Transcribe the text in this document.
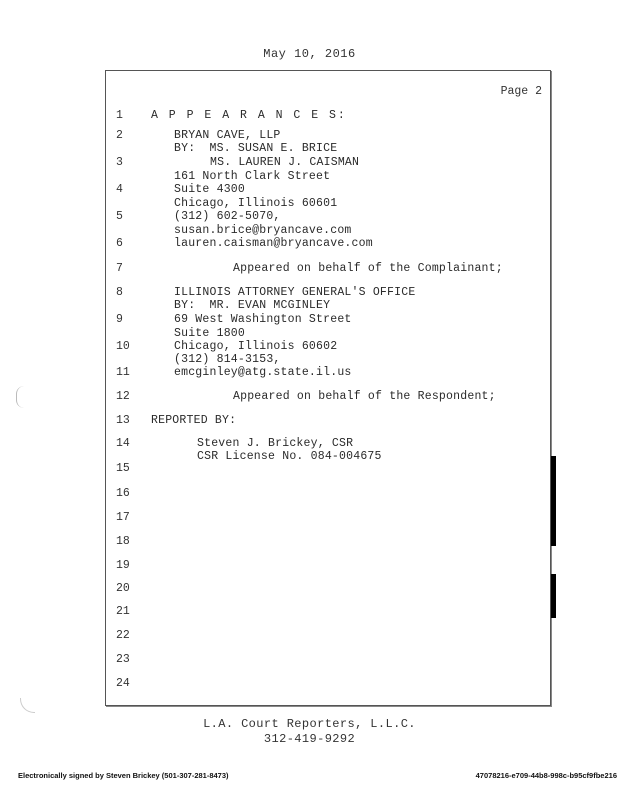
May 10, 2016
Page 2
1
2
3
4
5
6
7
8
9
10
11
12
13
14
15
16
17
18
19
20
21
22
23
24
A P P E A R A N C E S:
BRYAN CAVE, LLP
BY:  MS. SUSAN E. BRICE
MS. LAUREN J. CAISMAN
161 North Clark Street
Suite 4300
Chicago, Illinois 60601
(312) 602-5070,
susan.brice@bryancave.com
lauren.caisman@bryancave.com
Appeared on behalf of the Complainant;
ILLINOIS ATTORNEY GENERAL'S OFFICE
BY:  MR. EVAN MCGINLEY
69 West Washington Street
Suite 1800
Chicago, Illinois 60602
(312) 814-3153,
emcginley@atg.state.il.us
Appeared on behalf of the Respondent;
REPORTED BY:
Steven J. Brickey, CSR
CSR License No. 084-004675
L.A. Court Reporters, L.L.C.
312-419-9292
Electronically signed by Steven Brickey (501-307-281-8473)	47078216-e709-44b8-998c-b95cf9fbe216
